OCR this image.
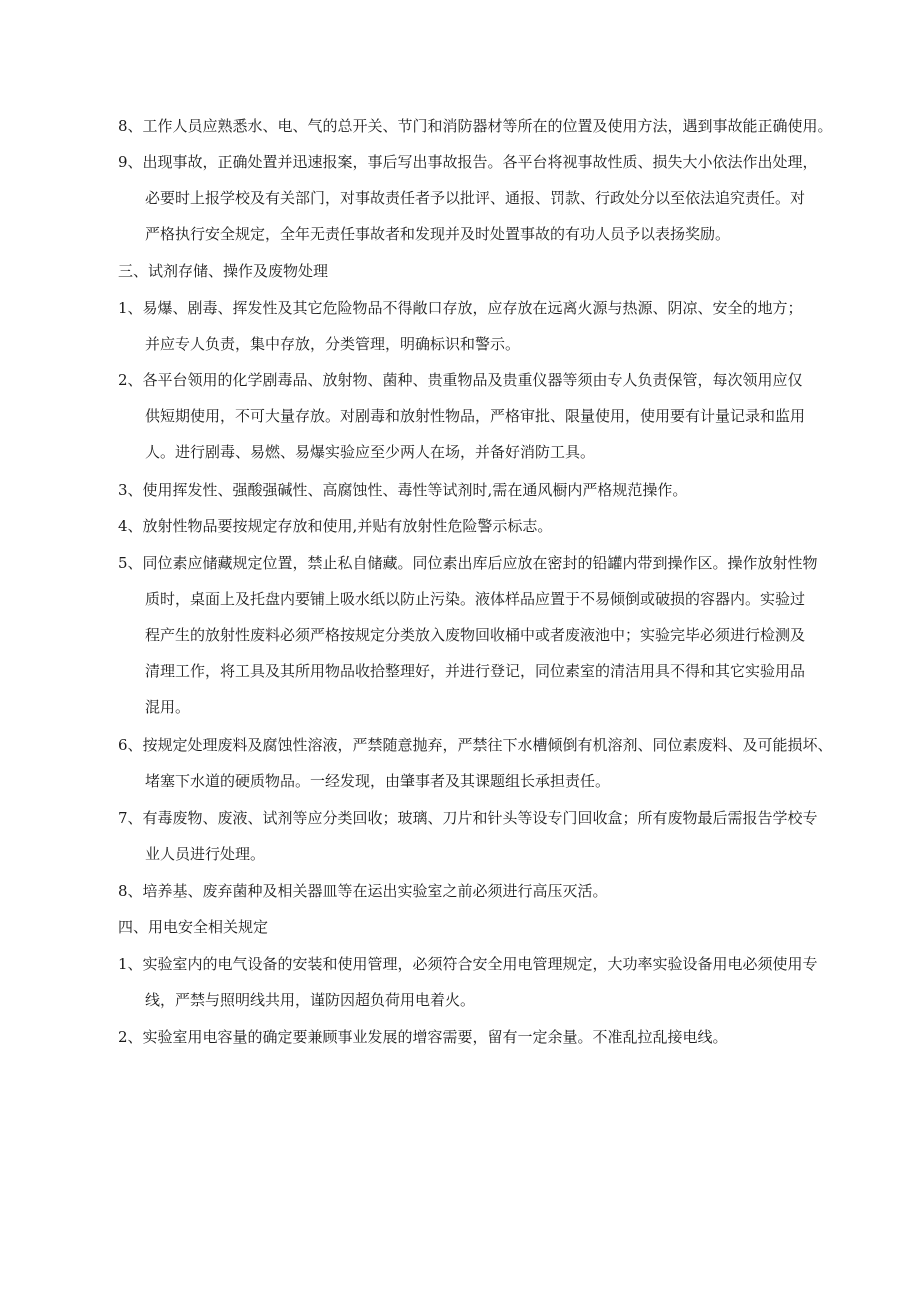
8、工作人员应熟悉水、电、气的总开关、节门和消防器材等所在的位置及使用方法，遇到事故能正确使用。
9、出现事故，正确处置并迅速报案，事后写出事故报告。各平台将视事故性质、损失大小依法作出处理，
必要时上报学校及有关部门，对事故责任者予以批评、通报、罚款、行政处分以至依法追究责任。对
严格执行安全规定，全年无责任事故者和发现并及时处置事故的有功人员予以表扬奖励。
三、试剂存储、操作及废物处理
1、易爆、剧毒、挥发性及其它危险物品不得敞口存放，应存放在远离火源与热源、阴凉、安全的地方；
并应专人负责，集中存放，分类管理，明确标识和警示。
2、各平台领用的化学剧毒品、放射物、菌种、贵重物品及贵重仪器等须由专人负责保管，每次领用应仅
供短期使用，不可大量存放。对剧毒和放射性物品，严格审批、限量使用，使用要有计量记录和监用
人。进行剧毒、易燃、易爆实验应至少两人在场，并备好消防工具。
3、使用挥发性、强酸强碱性、高腐蚀性、毒性等试剂时,需在通风橱内严格规范操作。
4、放射性物品要按规定存放和使用,并贴有放射性危险警示标志。
5、同位素应储藏规定位置，禁止私自储藏。同位素出库后应放在密封的铅罐内带到操作区。操作放射性物
质时，桌面上及托盘内要铺上吸水纸以防止污染。液体样品应置于不易倾倒或破损的容器内。实验过
程产生的放射性废料必须严格按规定分类放入废物回收桶中或者废液池中；实验完毕必须进行检测及
清理工作，将工具及其所用物品收拾整理好，并进行登记，同位素室的清洁用具不得和其它实验用品
混用。
6、按规定处理废料及腐蚀性溶液，严禁随意抛弃，严禁往下水槽倾倒有机溶剂、同位素废料、及可能损坏、
堵塞下水道的硬质物品。一经发现，由肇事者及其课题组长承担责任。
7、有毒废物、废液、试剂等应分类回收；玻璃、刀片和针头等设专门回收盒；所有废物最后需报告学校专
业人员进行处理。
8、培养基、废弃菌种及相关器皿等在运出实验室之前必须进行高压灭活。
四、用电安全相关规定
1、实验室内的电气设备的安装和使用管理，必须符合安全用电管理规定，大功率实验设备用电必须使用专
线，严禁与照明线共用，谨防因超负荷用电着火。
2、实验室用电容量的确定要兼顾事业发展的增容需要，留有一定余量。不准乱拉乱接电线。
